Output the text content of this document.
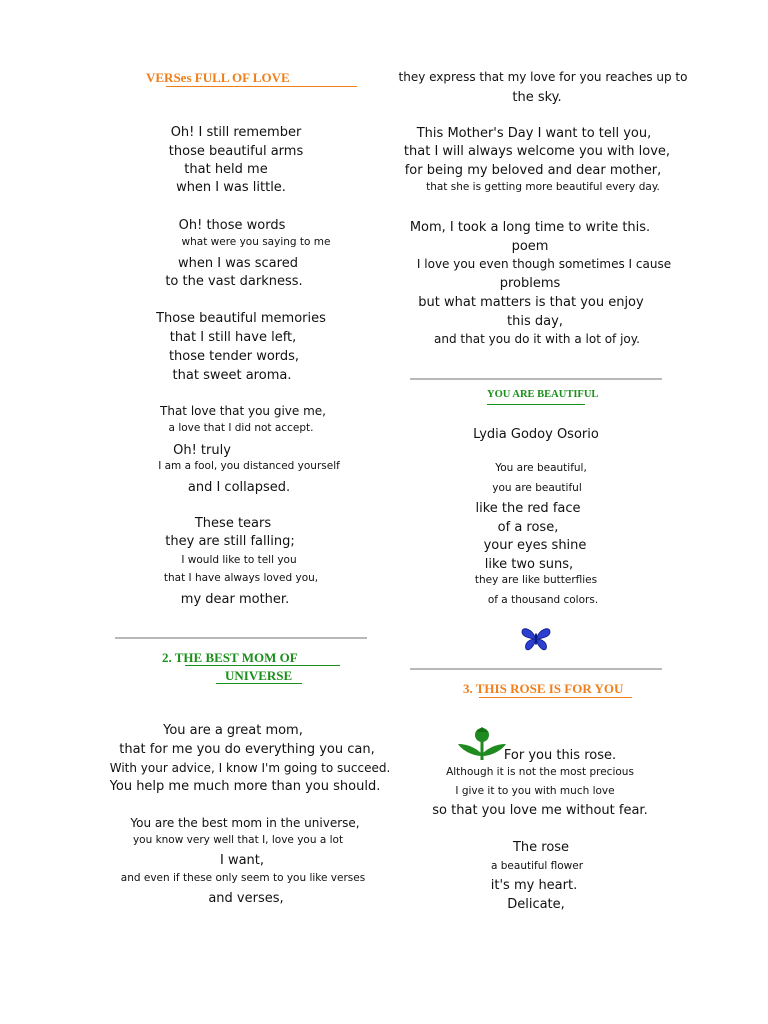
VERSes FULL OF LOVE
Oh! I still remember
those beautiful arms
that held me
when I was little.
Oh! those words
what were you saying to me
when I was scared
to the vast darkness.
Those beautiful memories
that I still have left,
those tender words,
that sweet aroma.
That love that you give me,
a love that I did not accept.
Oh! truly
I am a fool, you distanced yourself
and I collapsed.
These tears
they are still falling;
I would like to tell you
that I have always loved you,
my dear mother.
2. THE BEST MOM OF
UNIVERSE
You are a great mom,
that for me you do everything you can,
With your advice, I know I'm going to succeed.
You help me much more than you should.
You are the best mom in the universe,
you know very well that I, love you a lot
I want,
and even if these only seem to you like verses
and verses,
they express that my love for you reaches up to
the sky.
This Mother's Day I want to tell you,
that I will always welcome you with love,
for being my beloved and dear mother,
that she is getting more beautiful every day.
Mom, I took a long time to write this.
poem
I love you even though sometimes I cause
problems
but what matters is that you enjoy
this day,
and that you do it with a lot of joy.
YOU ARE BEAUTIFUL
Lydia Godoy Osorio
You are beautiful,
you are beautiful
like the red face
of a rose,
your eyes shine
like two suns,
they are like butterflies
of a thousand colors.
3. THIS ROSE IS FOR YOU
For you this rose.
Although it is not the most precious
I give it to you with much love
so that you love me without fear.
The rose
a beautiful flower
it's my heart.
Delicate,
